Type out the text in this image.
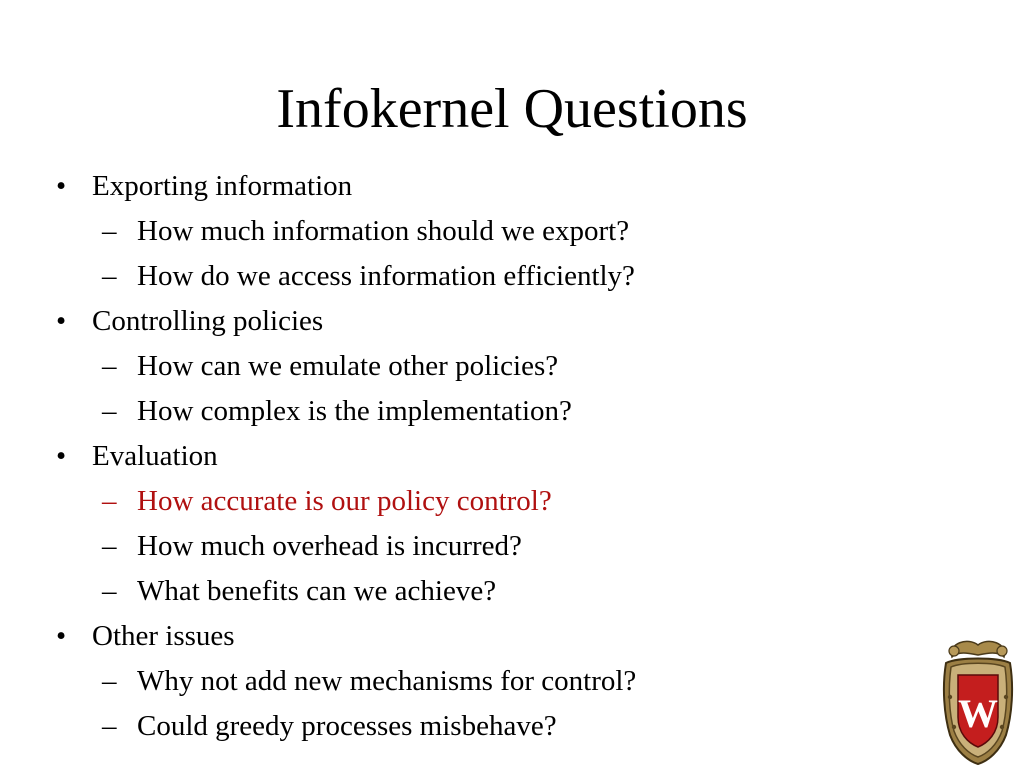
Infokernel Questions
• Exporting information
– How much information should we export?
– How do we access information efficiently?
• Controlling policies
– How can we emulate other policies?
– How complex is the implementation?
• Evaluation
– How accurate is our policy control?
– How much overhead is incurred?
– What benefits can we achieve?
• Other issues
– Why not add new mechanisms for control?
– Could greedy processes misbehave?	W
